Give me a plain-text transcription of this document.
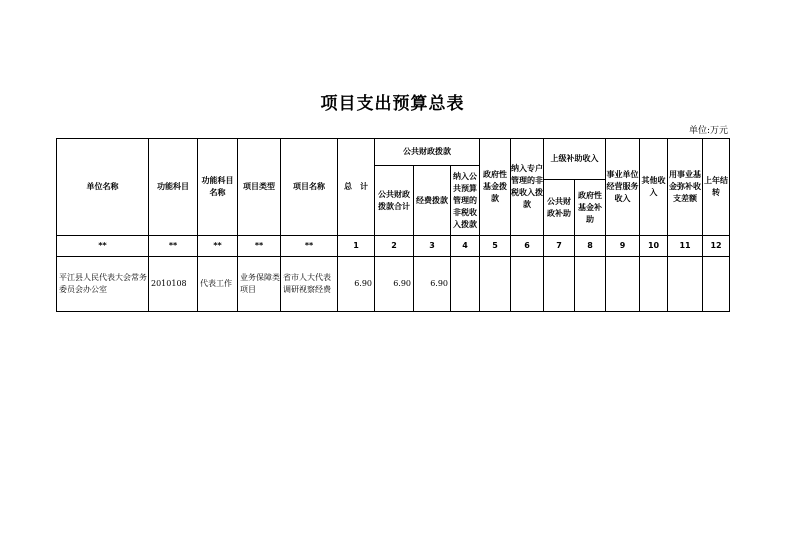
项目支出预算总表
单位:万元
单位名称	功能科目	功能科目名称	项目类型	项目名称	总　计	公共财政拨款			政府性基金拨款	纳入专户管理的非税收入拨款	上级补助收入		事业单位经营服务收入	其他收入	用事业基金弥补收支差额	上年结转
						公共财政拨款合计	经费拨款	纳入公共预算管理的非税收入拨款								
											公共财政补助	政府性基金补助				
**	**	**	**	**	1	2	3	4	5	6	7	8	9	10	11	12
平江县人民代表大会常务委员会办公室	2010108	代表工作	业务保障类项目	省市人大代表调研视察经费	6.90	6.90	6.90									
